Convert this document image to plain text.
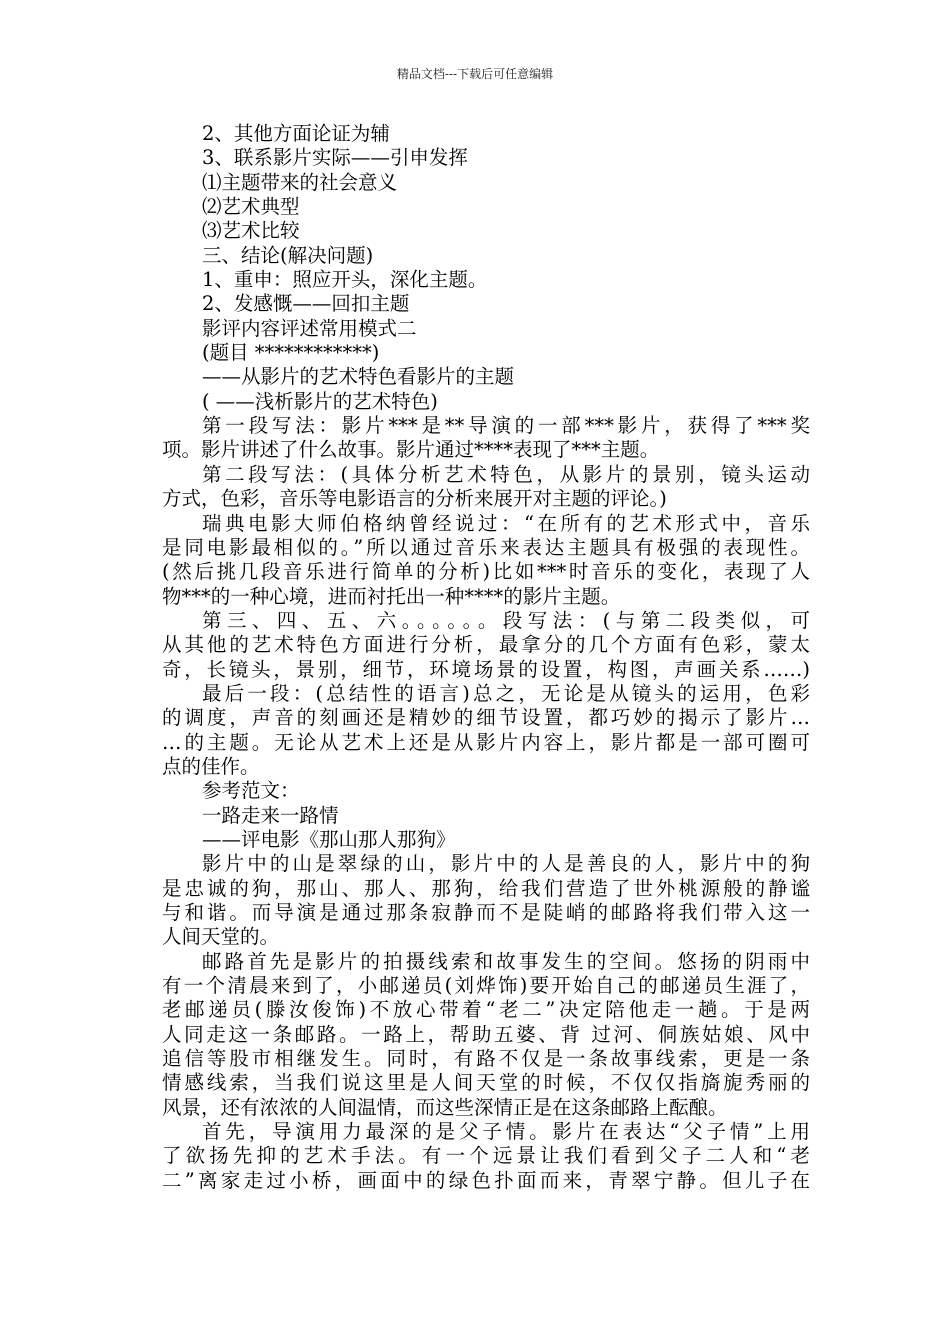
精品文档---下载后可任意编辑
2、其他方面论证为辅
3、联系影片实际——引申发挥
⑴主题带来的社会意义
⑵艺术典型
⑶艺术比较
三、结论(解决问题)
1、重申：照应开头，深化主题。
2、发感慨——回扣主题
影评内容评述常用模式二
(题目 ************)
——从影片的艺术特色看影片的主题
( ——浅析影片的艺术特色)
第一段写法：影片***是**导演的一部***影片，获得了***奖
项。影片讲述了什么故事。影片通过****表现了***主题。
第二段写法：(具体分析艺术特色，从影片的景别，镜头运动
方式，色彩，音乐等电影语言的分析来展开对主题的评论。)
瑞典电影大师伯格纳曾经说过：“在所有的艺术形式中，音乐
是同电影最相似的。”所以通过音乐来表达主题具有极强的表现性。
(然后挑几段音乐进行简单的分析)比如***时音乐的变化，表现了人
物***的一种心境，进而衬托出一种****的影片主题。
第三、四、五、六。。。。。。段写法：(与第二段类似，可
从其他的艺术特色方面进行分析，最拿分的几个方面有色彩，蒙太
奇，长镜头，景别，细节，环境场景的设置，构图，声画关系……)
最后一段：(总结性的语言)总之，无论是从镜头的运用，色彩
的调度，声音的刻画还是精妙的细节设置，都巧妙的揭示了影片…
…的主题。无论从艺术上还是从影片内容上，影片都是一部可圈可
点的佳作。
参考范文：
一路走来一路情
——评电影《那山那人那狗》
影片中的山是翠绿的山，影片中的人是善良的人，影片中的狗
是忠诚的狗，那山、那人、那狗，给我们营造了世外桃源般的静谧
与和谐。而导演是通过那条寂静而不是陡峭的邮路将我们带入这一
人间天堂的。
邮路首先是影片的拍摄线索和故事发生的空间。悠扬的阴雨中
有一个清晨来到了，小邮递员(刘烨饰)要开始自己的邮递员生涯了，
老邮递员(滕汝俊饰)不放心带着“老二”决定陪他走一趟。于是两
人同走这一条邮路。一路上，帮助五婆、背 过河、侗族姑娘、风中
追信等股市相继发生。同时，有路不仅是一条故事线索，更是一条
情感线索，当我们说这里是人间天堂的时候，不仅仅指旖旎秀丽的
风景，还有浓浓的人间温情，而这些深情正是在这条邮路上酝酿。
首先，导演用力最深的是父子情。影片在表达“父子情”上用
了欲扬先抑的艺术手法。有一个远景让我们看到父子二人和“老
二”离家走过小桥，画面中的绿色扑面而来，青翠宁静。但儿子在
